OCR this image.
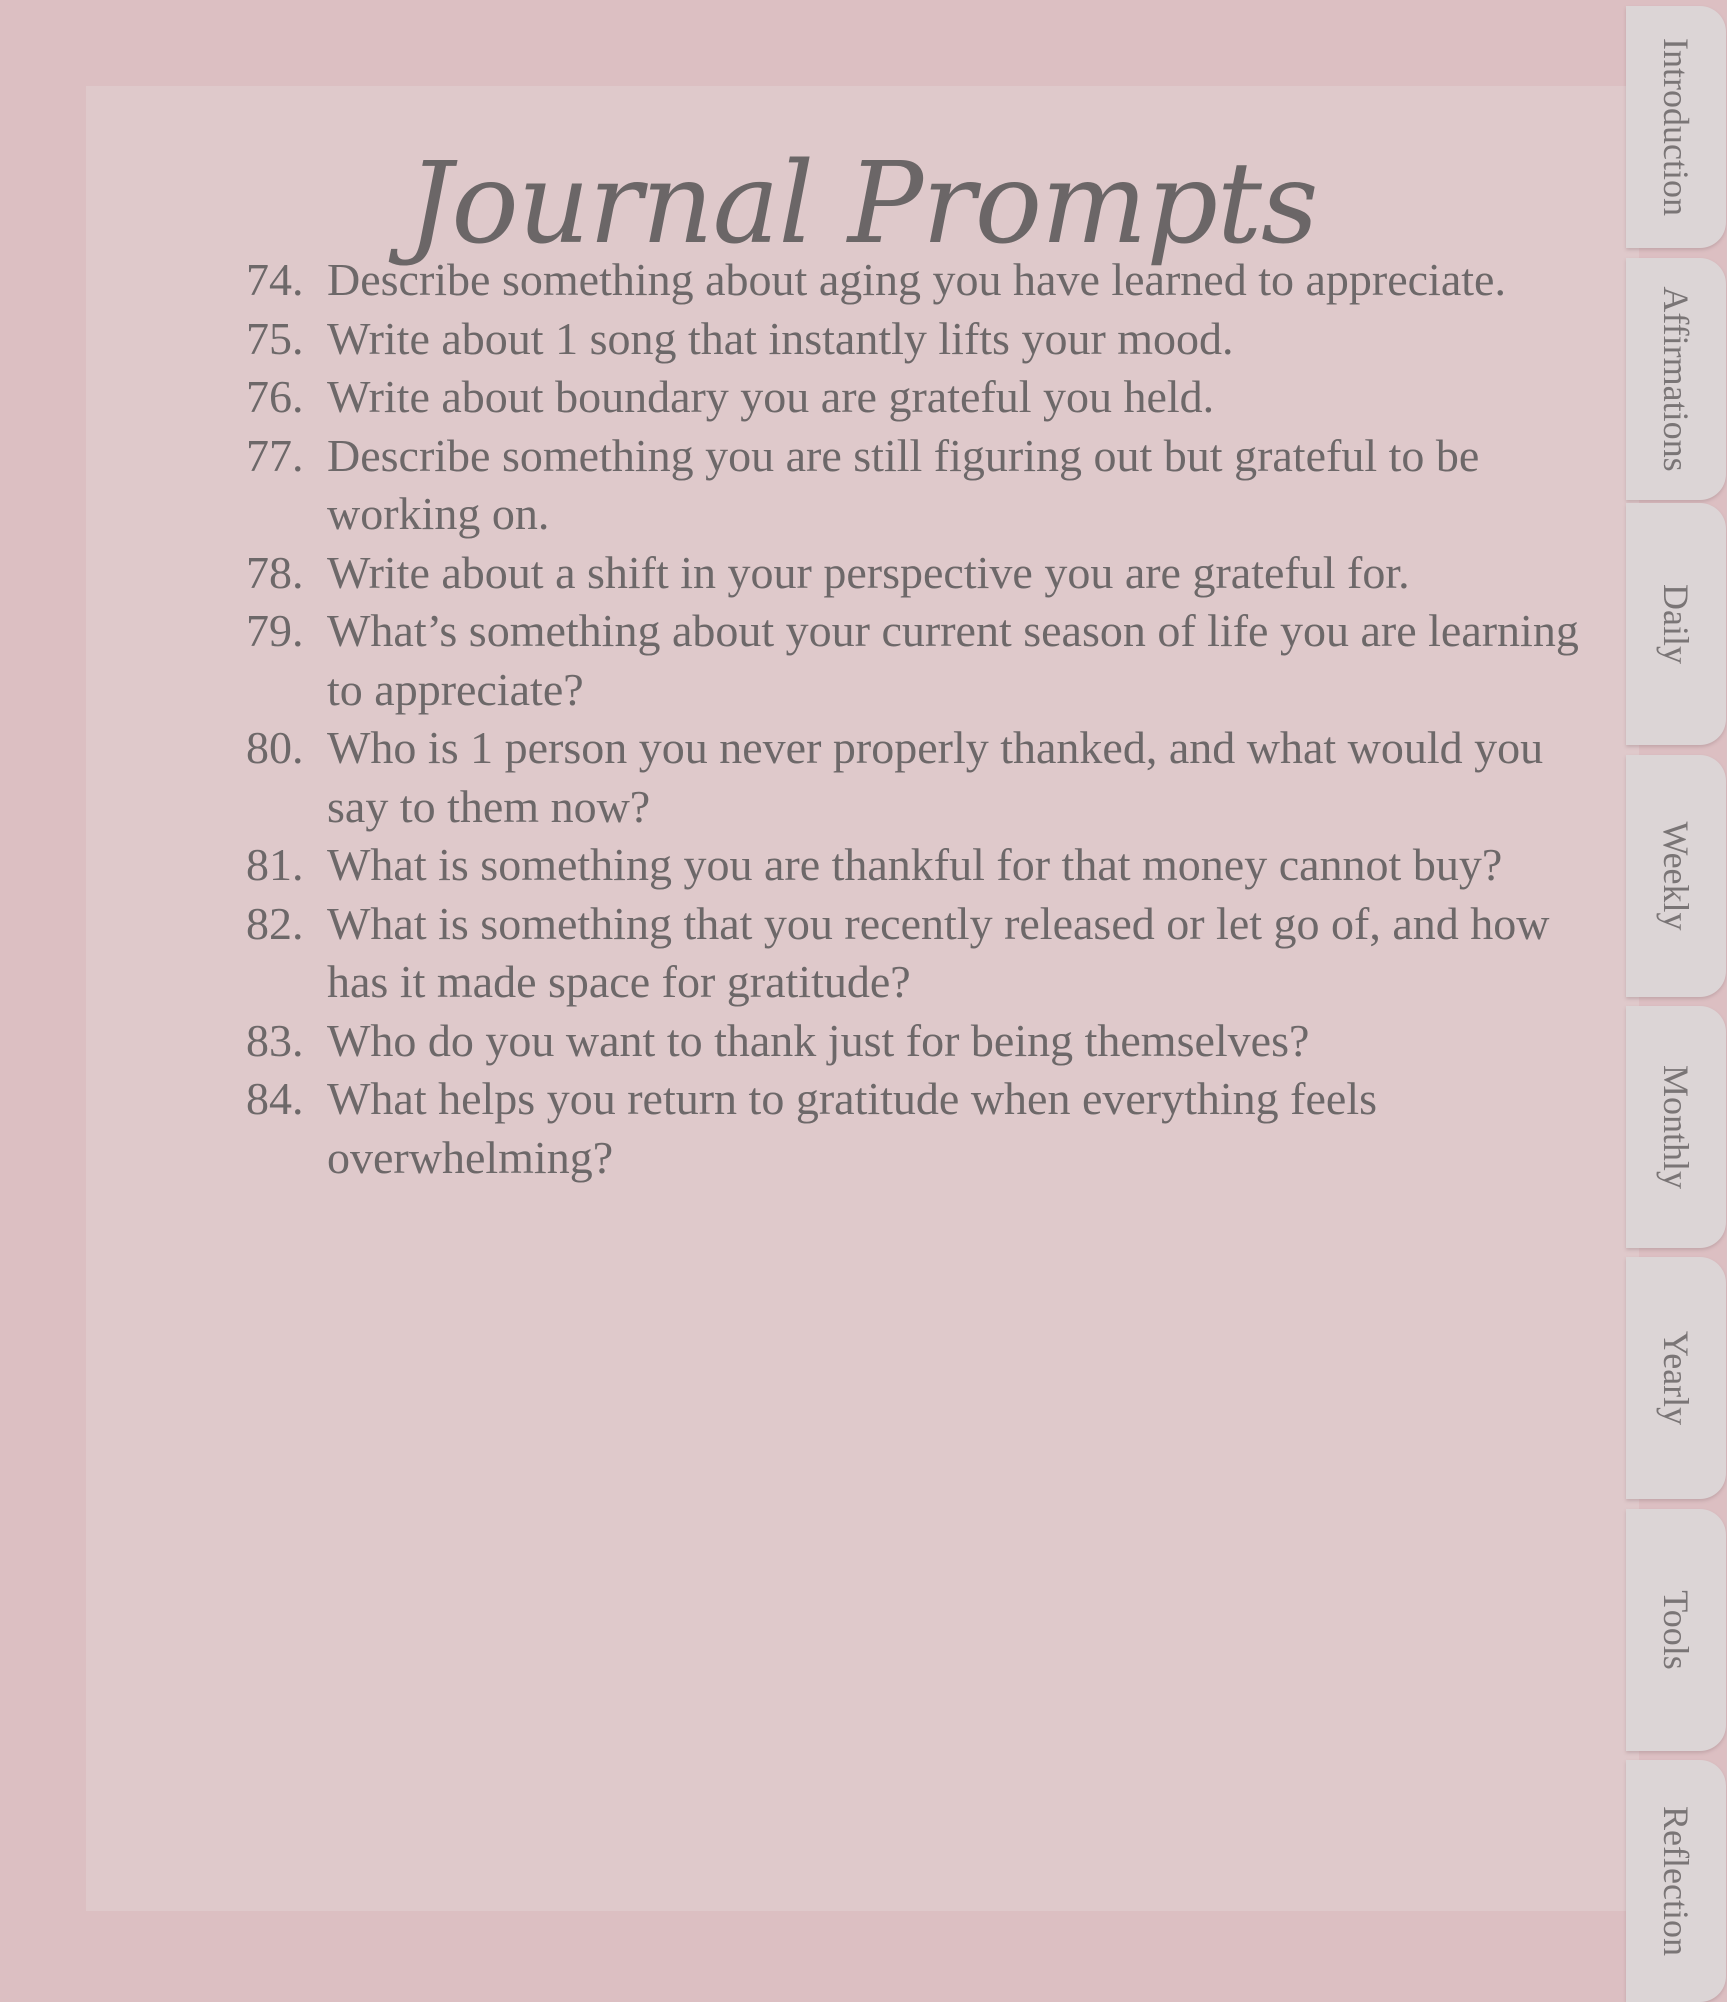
Journal Prompts
74. Describe something about aging you have learned to appreciate.
75. Write about 1 song that instantly lifts your mood.
76. Write about boundary you are grateful you held.
77. Describe something you are still figuring out but grateful to be working on.
78. Write about a shift in your perspective you are grateful for.
79. What’s something about your current season of life you are learning to appreciate?
80. Who is 1 person you never properly thanked, and what would you say to them now?
81. What is something you are thankful for that money cannot buy?
82. What is something that you recently released or let go of, and how has it made space for gratitude?
83. Who do you want to thank just for being themselves?
84. What helps you return to gratitude when everything feels overwhelming?
Introduction
Affirmations
Daily
Weekly
Monthly
Yearly
Tools
Reflection
